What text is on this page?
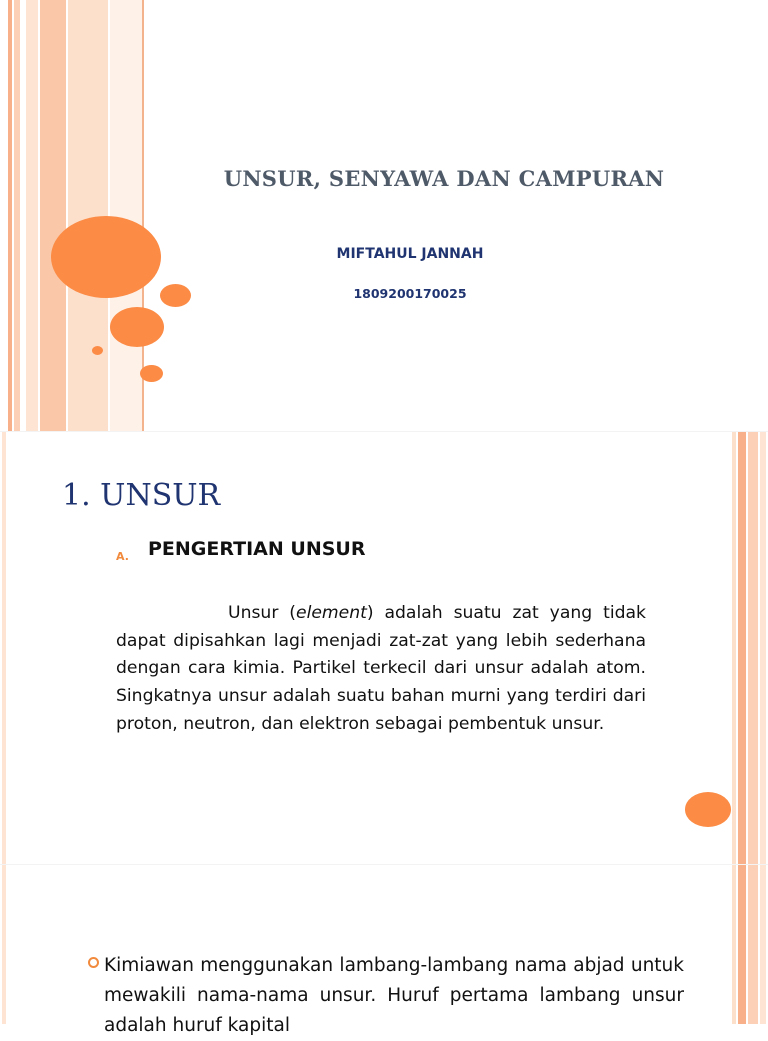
UNSUR, SENYAWA DAN CAMPURAN
MIFTAHUL JANNAH
1809200170025
1. UNSUR
A. PENGERTIAN UNSUR
Unsur (element) adalah suatu zat yang tidak dapat dipisahkan lagi menjadi zat-zat yang lebih sederhana dengan cara kimia. Partikel terkecil dari unsur adalah atom. Singkatnya unsur adalah suatu bahan murni yang terdiri dari proton, neutron, dan elektron sebagai pembentuk unsur.
Kimiawan menggunakan lambang-lambang nama abjad untuk mewakili nama-nama unsur. Huruf pertama lambang unsur adalah huruf kapital
